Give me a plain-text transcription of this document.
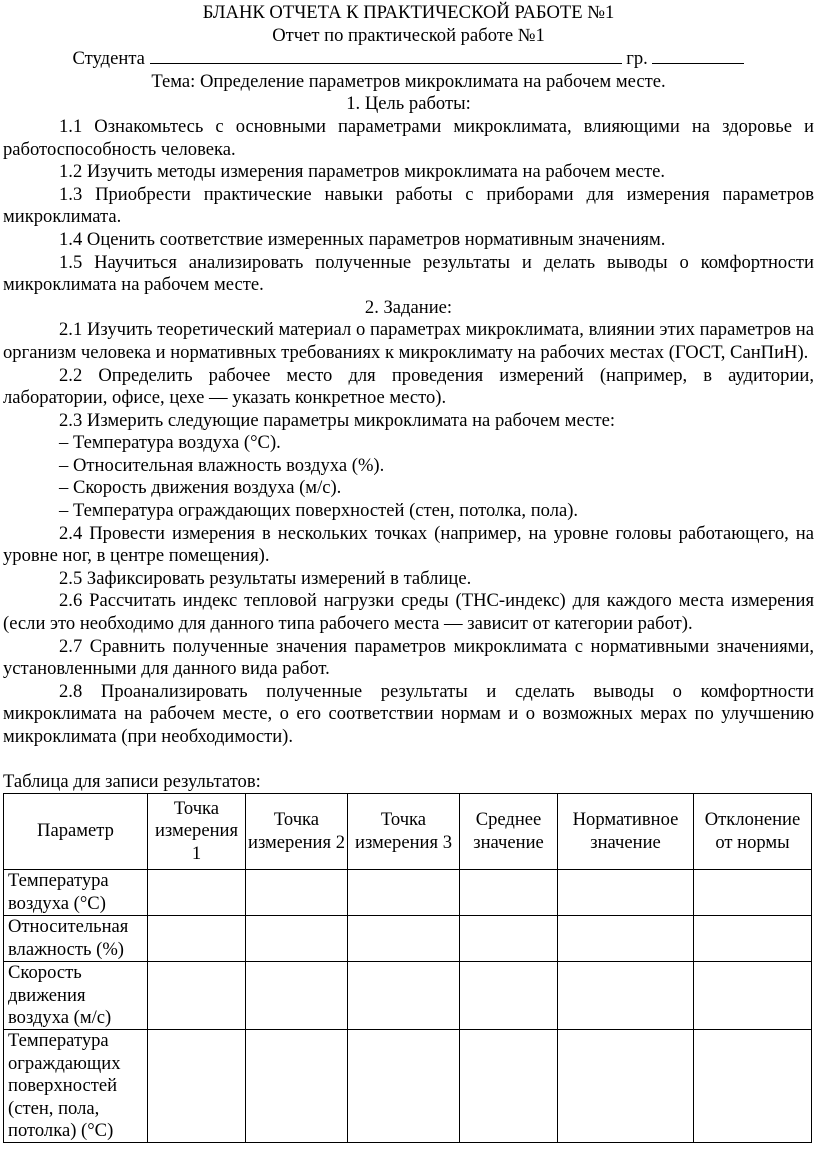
БЛАНК ОТЧЕТА К ПРАКТИЧЕСКОЙ РАБОТЕ №1

Отчет по практической работе №1

Студента	гр.

Тема: Определение параметров микроклимата на рабочем месте.

1. Цель работы:

1.1 Ознакомьтесь с основными параметрами микроклимата, влияющими на здоровье и работоспособность человека.

1.2 Изучить методы измерения параметров микроклимата на рабочем месте.

1.3 Приобрести практические навыки работы с приборами для измерения параметров микроклимата.

1.4 Оценить соответствие измеренных параметров нормативным значениям.

1.5 Научиться анализировать полученные результаты и делать выводы о комфортности микроклимата на рабочем месте.

2. Задание:

2.1 Изучить теоретический материал о параметрах микроклимата, влиянии этих параметров на организм человека и нормативных требованиях к микроклимату на рабочих местах (ГОСТ, СанПиН).

2.2 Определить рабочее место для проведения измерений (например, в аудитории, лаборатории, офисе, цехе — указать конкретное место).

2.3 Измерить следующие параметры микроклимата на рабочем месте:

– Температура воздуха (°C).

– Относительная влажность воздуха (%).

– Скорость движения воздуха (м/с).

– Температура ограждающих поверхностей (стен, потолка, пола).

2.4 Провести измерения в нескольких точках (например, на уровне головы работающего, на уровне ног, в центре помещения).

2.5 Зафиксировать результаты измерений в таблице.

2.6 Рассчитать индекс тепловой нагрузки среды (ТНС-индекс) для каждого места измерения (если это необходимо для данного типа рабочего места — зависит от категории работ).

2.7 Сравнить полученные значения параметров микроклимата с нормативными значениями, установленными для данного вида работ.

2.8 Проанализировать полученные результаты и сделать выводы о комфортности микроклимата на рабочем месте, о его соответствии нормам и о возможных мерах по улучшению микроклимата (при необходимости).

Таблица для записи результатов:

Параметр	Точка измерения 1	Точка измерения 2	Точка измерения 3	Среднее значение	Нормативное значение	Отклонение от нормы
Температура воздуха (°C)						
Относительная влажность (%)						
Скорость движения воздуха (м/с)						
Температура ограждающих поверхностей (стен, пола, потолка) (°C)						
